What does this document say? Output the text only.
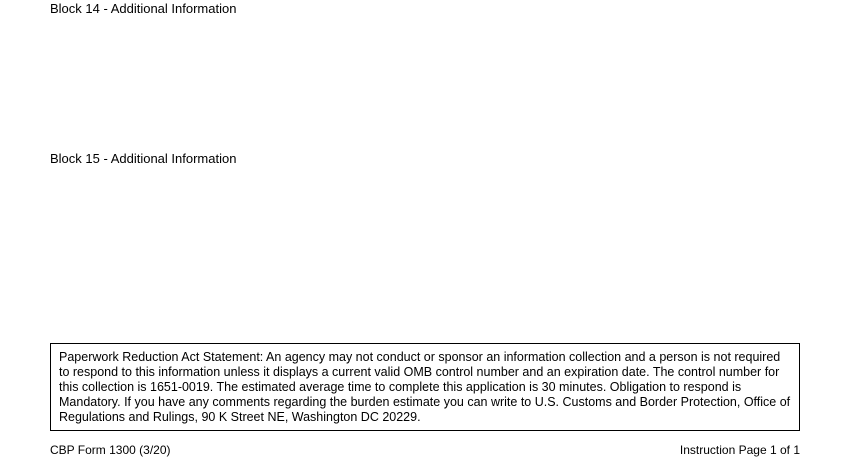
Block 14 - Additional Information
Block 15 - Additional Information
Paperwork Reduction Act Statement: An agency may not conduct or sponsor an information collection and a person is not required to respond to this information unless it displays a current valid OMB control number and an expiration date. The control number for this collection is 1651-0019. The estimated average time to complete this application is 30 minutes. Obligation to respond is Mandatory. If you have any comments regarding the burden estimate you can write to U.S. Customs and Border Protection, Office of Regulations and Rulings, 90 K Street NE, Washington DC 20229.
CBP Form 1300 (3/20)	Instruction Page 1 of 1
